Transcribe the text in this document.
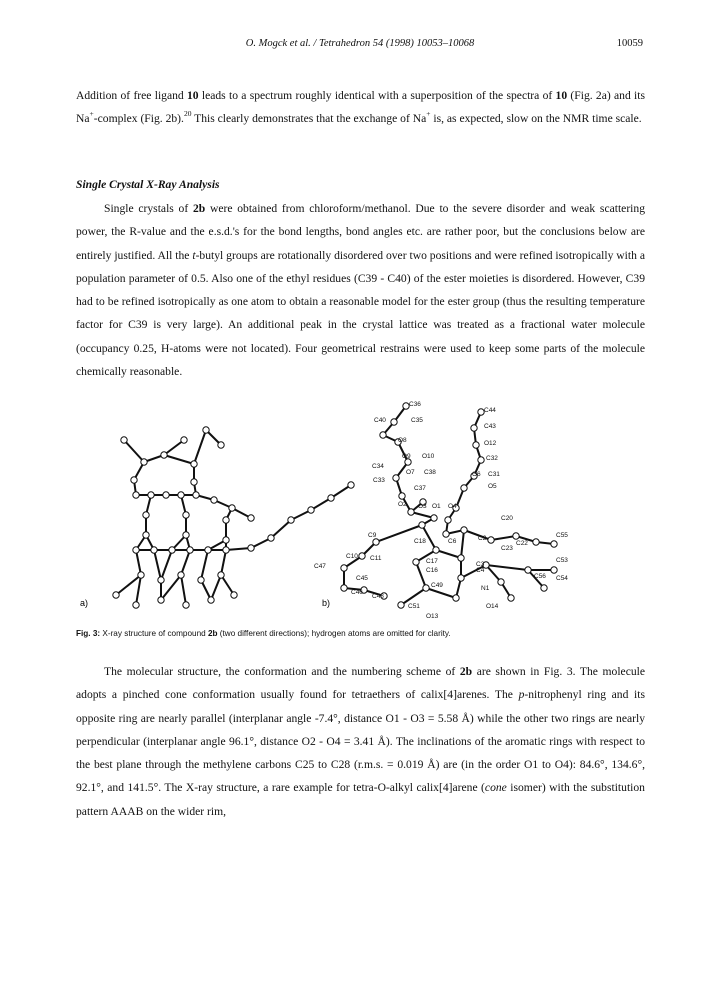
O. Mogck et al. / Tetrahedron 54 (1998) 10053–10068	10059

Addition of free ligand 10 leads to a spectrum roughly identical with a superposition of the spectra of 10 (Fig. 2a) and its Na+-complex (Fig. 2b).$^{20}$ This clearly demonstrates that the exchange of Na+ is, as expected, slow on the NMR time scale.

Single Crystal X-Ray Analysis

Single crystals of 2b were obtained from chloroform/methanol. Due to the severe disorder and weak scattering power, the R-value and the e.s.d.'s for the bond lengths, bond angles etc. are rather poor, but the conclusions below are entirely justified. All the t-butyl groups are rotationally disordered over two positions and were refined isotropically with a population parameter of 0.5. Also one of the ethyl residues (C39 - C40) of the ester moieties is disordered. However, C39 had to be refined isotropically as one atom to obtain a reasonable model for the ester group (thus the resulting temperature factor for C39 is very large). An additional peak in the crystal lattice was treated as a fractional water molecule (occupancy 0.25, H-atoms were not located). Four geometrical restrains were used to keep some parts of the molecule chemically reasonable.

C36
C44
C40	C35
C43
O8	O12
O9 O10	C32
C34
O7 C38	O6 C31
C33
C37	O5
O2 O3 O1 O4
C20
C9
C18	C6	C2
C22
C55
C23
C10 C11	C17	C3
C53
C47
C16	C4
C56 C54
C45
C49	N1
C46
C48
C51	O14
O13
a)	b)
Fig. 3: X-ray structure of compound 2b (two different directions); hydrogen atoms are omitted for clarity.

The molecular structure, the conformation and the numbering scheme of 2b are shown in Fig. 3. The molecule adopts a pinched cone conformation usually found for tetraethers of calix[4]arenes. The p-nitrophenyl ring and its opposite ring are nearly parallel (interplanar angle -7.4°, distance O1 - O3 = 5.58 Å) while the other two rings are nearly perpendicular (interplanar angle 96.1°, distance O2 - O4 = 3.41 Å). The inclinations of the aromatic rings with respect to the best plane through the methylene carbons C25 to C28 (r.m.s. = 0.019 Å) are (in the order O1 to O4): 84.6°, 134.6°, 92.1°, and 141.5°. The X-ray structure, a rare example for tetra-O-alkyl calix[4]arene (cone isomer) with the substitution pattern AAAB on the wider rim,
